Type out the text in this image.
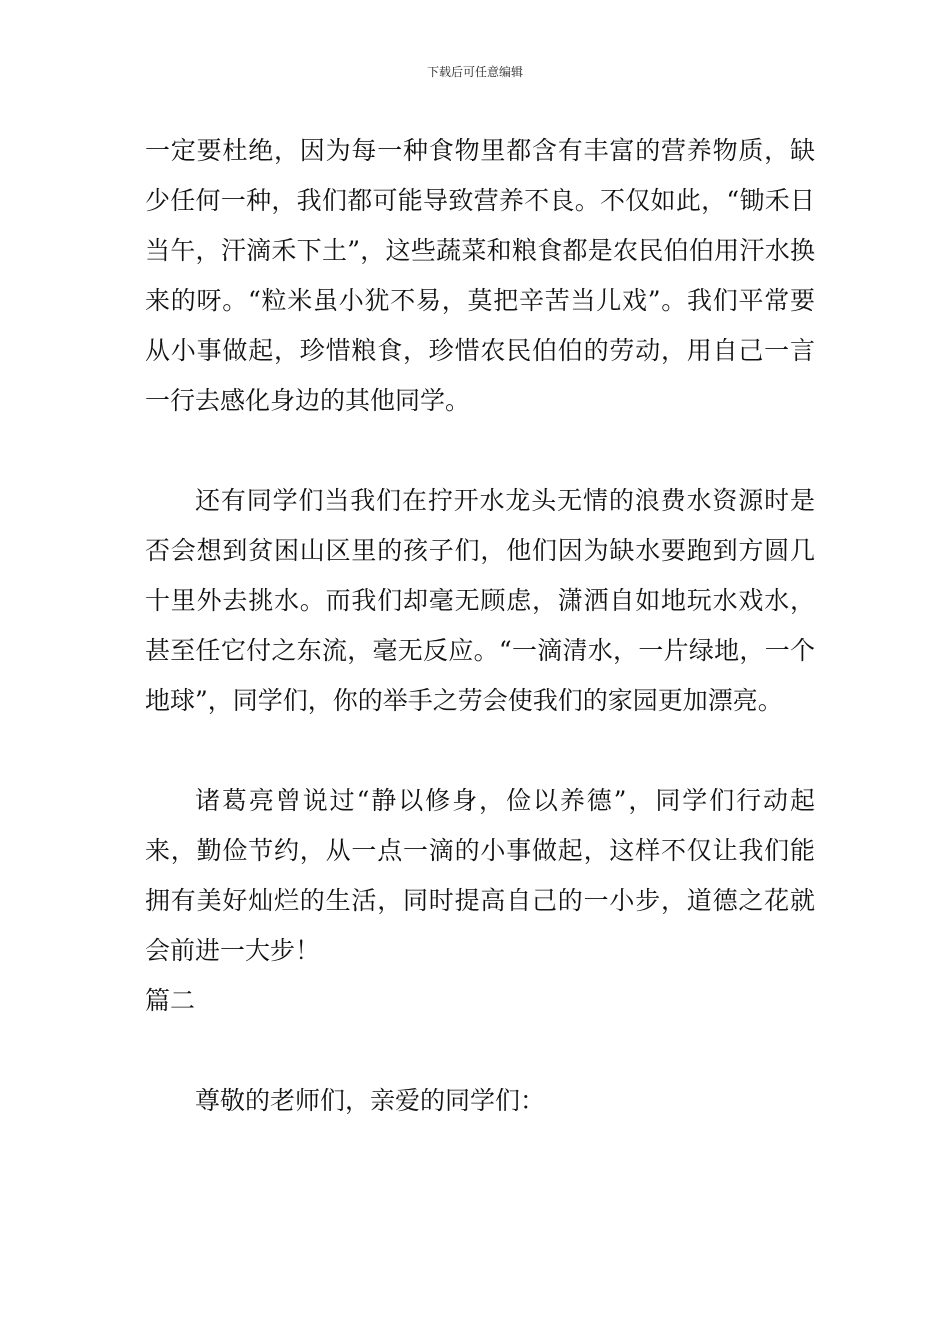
下载后可任意编辑

一定要杜绝，因为每一种食物里都含有丰富的营养物质，缺少任何一种，我们都可能导致营养不良。不仅如此，“锄禾日当午，汗滴禾下土”，这些蔬菜和粮食都是农民伯伯用汗水换来的呀。“粒米虽小犹不易，莫把辛苦当儿戏”。我们平常要从小事做起，珍惜粮食，珍惜农民伯伯的劳动，用自己一言一行去感化身边的其他同学。

还有同学们当我们在拧开水龙头无情的浪费水资源时是否会想到贫困山区里的孩子们，他们因为缺水要跑到方圆几十里外去挑水。而我们却毫无顾虑，潇洒自如地玩水戏水，甚至任它付之东流，毫无反应。“一滴清水，一片绿地，一个地球”，同学们，你的举手之劳会使我们的家园更加漂亮。

诸葛亮曾说过“静以修身，俭以养德”，同学们行动起来，勤俭节约，从一点一滴的小事做起，这样不仅让我们能拥有美好灿烂的生活，同时提高自己的一小步，道德之花就会前进一大步！

篇二

尊敬的老师们，亲爱的同学们：
